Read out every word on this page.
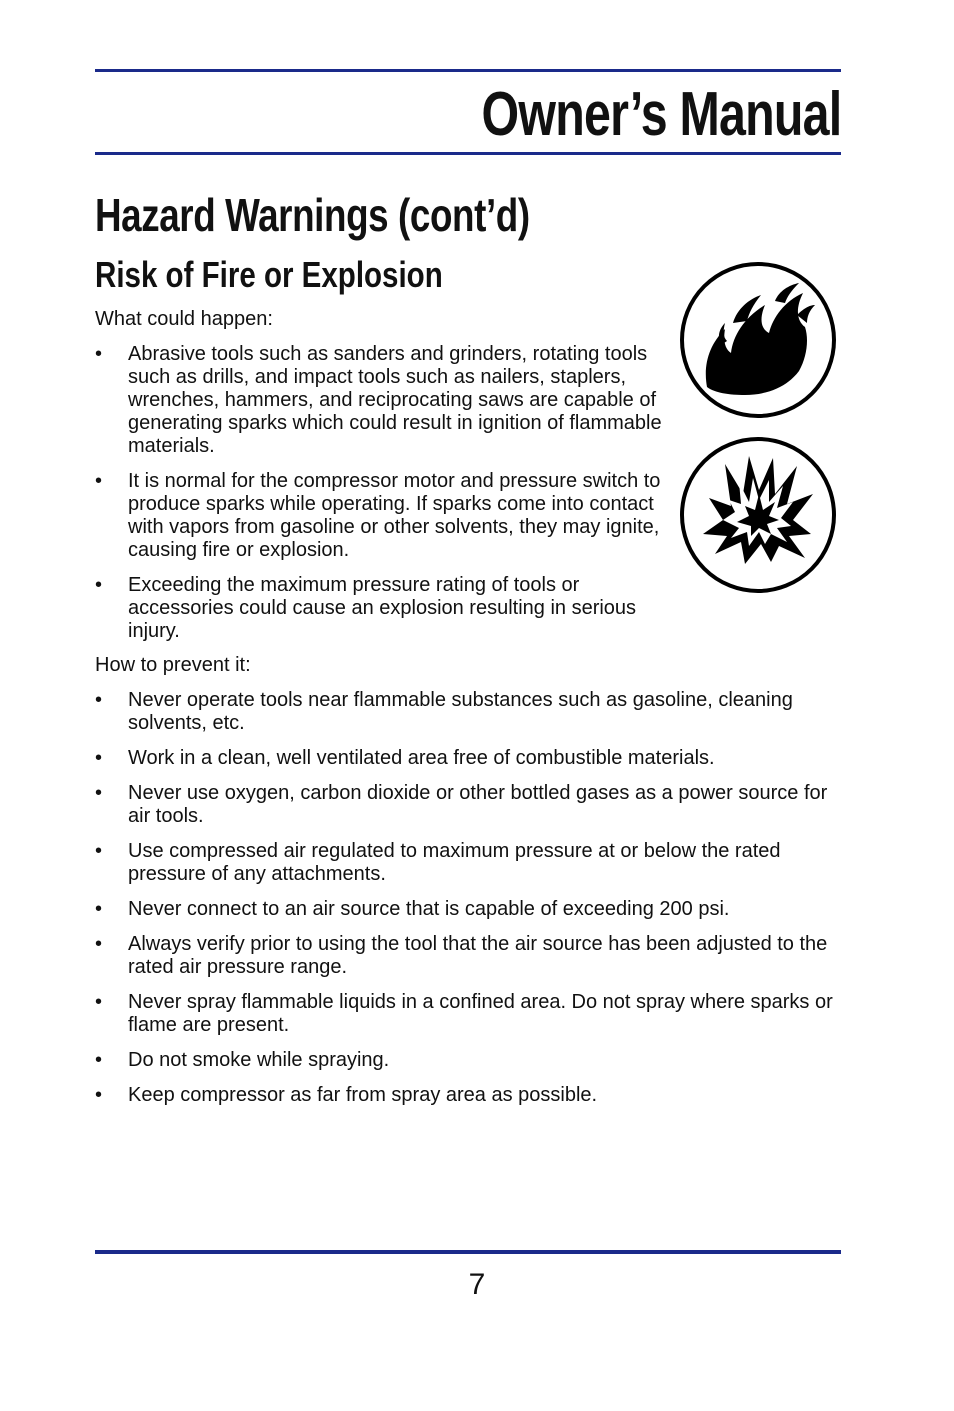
Owner’s Manual
Hazard Warnings (cont’d)
Risk of Fire or Explosion

What could happen:

• Abrasive tools such as sanders and grinders, rotating tools such as drills, and impact tools such as nailers, staplers, wrenches, hammers, and reciprocating saws are capable of generating sparks which could result in ignition of flammable materials.
• It is normal for the compressor motor and pressure switch to produce sparks while operating. If sparks come into contact with vapors from gasoline or other solvents, they may ignite, causing fire or explosion.
• Exceeding the maximum pressure rating of tools or accessories could cause an explosion resulting in serious injury.

How to prevent it:

• Never operate tools near flammable substances such as gasoline, cleaning solvents, etc.
• Work in a clean, well ventilated area free of combustible materials.
• Never use oxygen, carbon dioxide or other bottled gases as a power source for air tools.
• Use compressed air regulated to maximum pressure at or below the rated pressure of any attachments.
• Never connect to an air source that is capable of exceeding 200 psi.
• Always verify prior to using the tool that the air source has been adjusted to the rated air pressure range.
• Never spray flammable liquids in a confined area. Do not spray where sparks or flame are present.
• Do not smoke while spraying.
• Keep compressor as far from spray area as possible.
7
